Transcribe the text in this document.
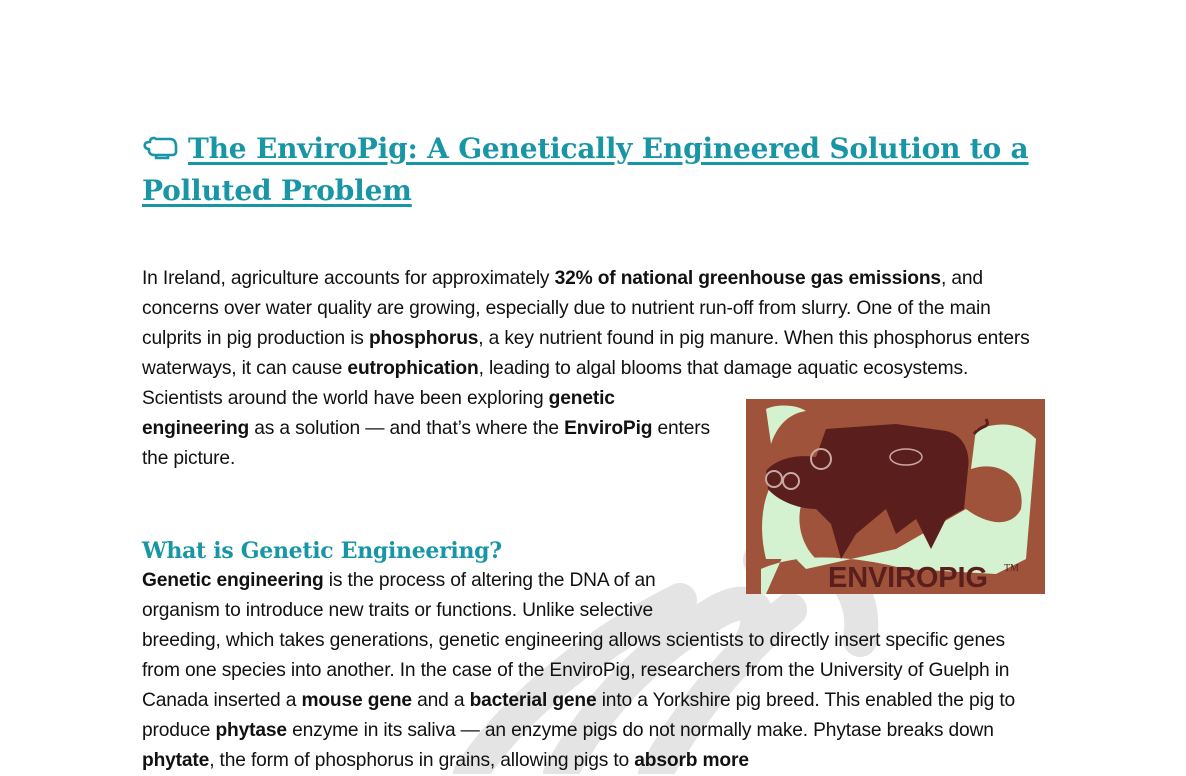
The EnviroPig: A Genetically Engineered Solution to a Polluted Problem

In Ireland, agriculture accounts for approximately 32% of national greenhouse gas emissions, and concerns over water quality are growing, especially due to nutrient run-off from slurry. One of the main culprits in pig production is phosphorus, a key nutrient found in pig manure. When this phosphorus enters waterways, it can cause eutrophication, leading to algal blooms that damage aquatic ecosystems. Scientists around the world have been exploring
ENVIROPIG TM
genetic engineering as a solution — and that’s where the EnviroPig enters the picture.

What is Genetic Engineering?

Genetic engineering is the process of altering the DNA of an organism to introduce new traits or functions. Unlike selective breeding, which takes generations, genetic engineering allows scientists to directly insert specific genes from one species into another. In the case of the EnviroPig, researchers from the University of Guelph in Canada inserted a mouse gene and a bacterial gene into a Yorkshire pig breed. This enabled the pig to produce phytase enzyme in its saliva — an enzyme pigs do not normally make. Phytase breaks down phytate, the form of phosphorus in grains, allowing pigs to absorb more
